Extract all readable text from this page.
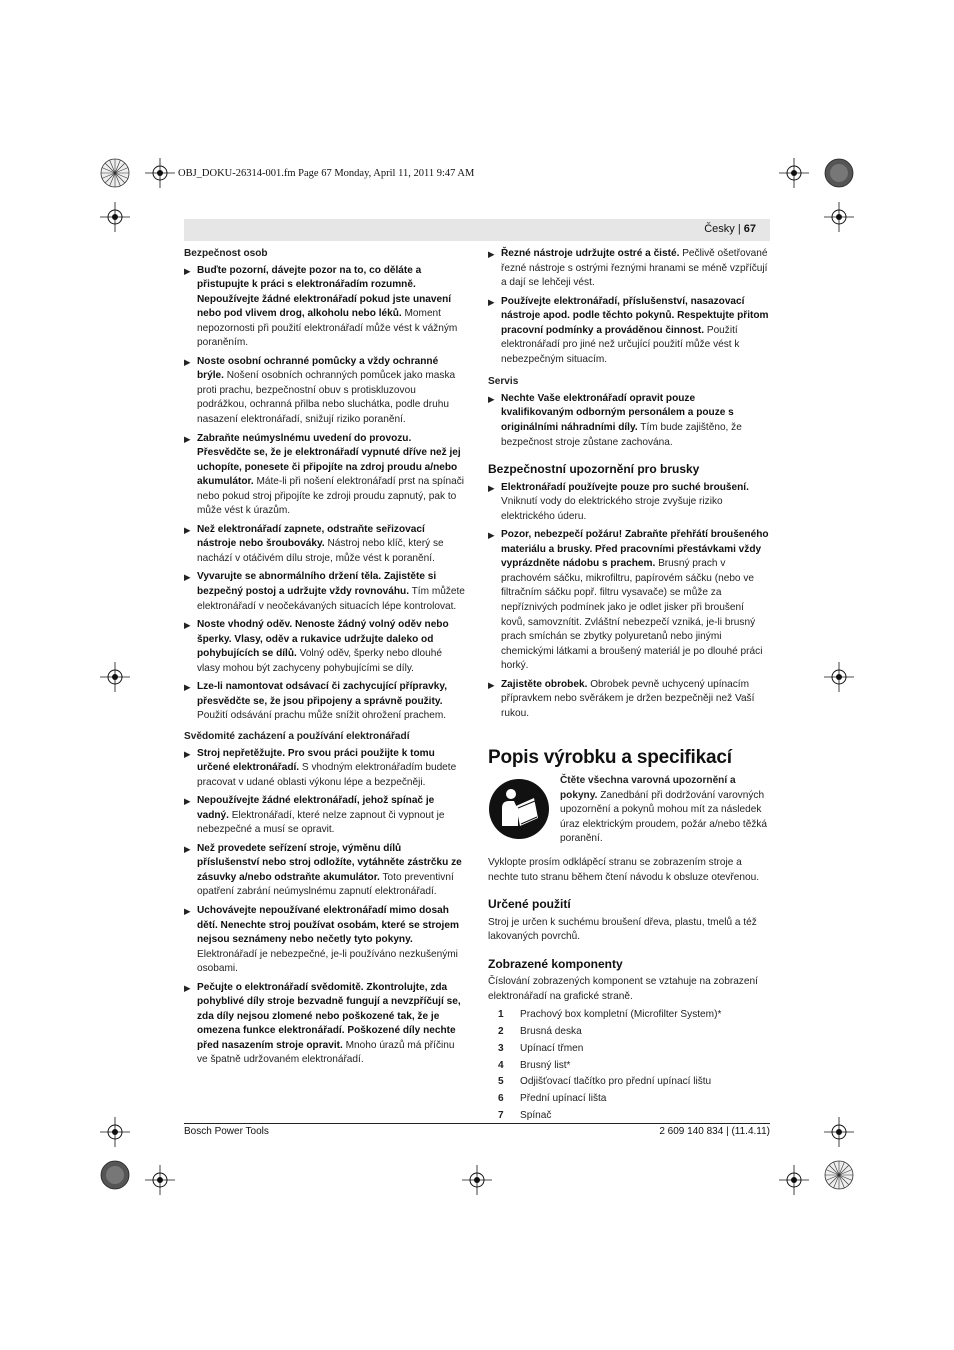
OBJ_DOKU-26314-001.fm Page 67 Monday, April 11, 2011 9:47 AM
Česky | 67
Bezpečnost osob
▶ Buďte pozorní, dávejte pozor na to, co děláte a přistupujte k práci s elektronářadím rozumně. Nepoužívejte žádné elektronářadí pokud jste unavení nebo pod vlivem drog, alkoholu nebo léků. Moment nepozornosti při použití elektronářadí může vést k vážným poraněním.
▶ Noste osobní ochranné pomůcky a vždy ochranné brýle. Nošení osobních ochranných pomůcek jako maska proti prachu, bezpečnostní obuv s protiskluzovou podrážkou, ochranná přilba nebo sluchátka, podle druhu nasazení elektronářadí, snižují riziko poranění.
▶ Zabraňte neúmyslnému uvedení do provozu. Přesvědčte se, že je elektronářadí vypnuté dříve než jej uchopíte, ponesete či připojíte na zdroj proudu a/nebo akumulátor. Máte-li při nošení elektronářadí prst na spínači nebo pokud stroj připojíte ke zdroji proudu zapnutý, pak to může vést k úrazům.
▶ Než elektronářadí zapnete, odstraňte seřizovací nástroje nebo šroubováky. Nástroj nebo klíč, který se nachází v otáčivém dílu stroje, může vést k poranění.
▶ Vyvarujte se abnormálního držení těla. Zajistěte si bezpečný postoj a udržujte vždy rovnováhu. Tím můžete elektronářadí v neočekávaných situacích lépe kontrolovat.
▶ Noste vhodný oděv. Nenoste žádný volný oděv nebo šperky. Vlasy, oděv a rukavice udržujte daleko od pohybujících se dílů. Volný oděv, šperky nebo dlouhé vlasy mohou být zachyceny pohybujícími se díly.
▶ Lze-li namontovat odsávací či zachycující přípravky, přesvědčte se, že jsou připojeny a správně použity. Použití odsávání prachu může snížit ohrožení prachem.
Svědomité zacházení a používání elektronářadí
▶ Stroj nepřetěžujte. Pro svou práci použijte k tomu určené elektronářadí. S vhodným elektronářadím budete pracovat v udané oblasti výkonu lépe a bezpečněji.
▶ Nepoužívejte žádné elektronářadí, jehož spínač je vadný. Elektronářadí, které nelze zapnout či vypnout je nebezpečné a musí se opravit.
▶ Než provedete seřízení stroje, výměnu dílů příslušenství nebo stroj odložíte, vytáhněte zástrčku ze zásuvky a/nebo odstraňte akumulátor. Toto preventivní opatření zabrání neúmyslnému zapnutí elektronářadí.
▶ Uchovávejte nepoužívané elektronářadí mimo dosah dětí. Nenechte stroj používat osobám, které se strojem nejsou seznámeny nebo nečetly tyto pokyny. Elektronářadí je nebezpečné, je-li používáno nezkušenými osobami.
▶ Pečujte o elektronářadí svědomitě. Zkontrolujte, zda pohyblivé díly stroje bezvadně fungují a nevzpříčují se, zda díly nejsou zlomené nebo poškozené tak, že je omezena funkce elektronářadí. Poškozené díly nechte před nasazením stroje opravit. Mnoho úrazů má příčinu ve špatně udržovaném elektronářadí.
▶ Řezné nástroje udržujte ostré a čisté. Pečlivě ošetřované řezné nástroje s ostrými řeznými hranami se méně vzpříčují a dají se lehčeji vést.
▶ Používejte elektronářadí, příslušenství, nasazovací nástroje apod. podle těchto pokynů. Respektujte přitom pracovní podmínky a prováděnou činnost. Použití elektronářadí pro jiné než určující použití může vést k nebezpečným situacím.
Servis
▶ Nechte Vaše elektronářadí opravit pouze kvalifikovaným odborným personálem a pouze s originálními náhradními díly. Tím bude zajištěno, že bezpečnost stroje zůstane zachována.
Bezpečnostní upozornění pro brusky
▶ Elektronářadí používejte pouze pro suché broušení. Vniknutí vody do elektrického stroje zvyšuje riziko elektrického úderu.
▶ Pozor, nebezpečí požáru! Zabraňte přehřátí broušeného materiálu a brusky. Před pracovními přestávkami vždy vyprázdněte nádobu s prachem. Brusný prach v prachovém sáčku, mikrofiltru, papírovém sáčku (nebo ve filtračním sáčku popř. filtru vysavače) se může za nepříznivých podmínek jako je odlet jisker při broušení kovů, samovznítit. Zvláštní nebezpečí vzniká, je-li brusný prach smíchán se zbytky polyuretanů nebo jinými chemickými látkami a broušený materiál je po dlouhé práci horký.
▶ Zajistěte obrobek. Obrobek pevně uchycený upínacím přípravkem nebo svěrákem je držen bezpečněji než Vaší rukou.
Popis výrobku a specifikací
Čtěte všechna varovná upozornění a pokyny. Zanedbání při dodržování varovných upozornění a pokynů mohou mít za následek úraz elektrickým proudem, požár a/nebo těžká poranění.
Vyklopte prosím odklápěcí stranu se zobrazením stroje a nechte tuto stranu během čtení návodu k obsluze otevřenou.
Určené použití
Stroj je určen k suchému broušení dřeva, plastu, tmelů a též lakovaných povrchů.
Zobrazené komponenty
Číslování zobrazených komponent se vztahuje na zobrazení elektronářadí na grafické straně.
1	Prachový box kompletní (Microfilter System)*
2	Brusná deska
3	Upínací třmen
4	Brusný list*
5	Odjišťovací tlačítko pro přední upínací lištu
6	Přední upínací lišta
7	Spínač
Bosch Power Tools	2 609 140 834 | (11.4.11)
